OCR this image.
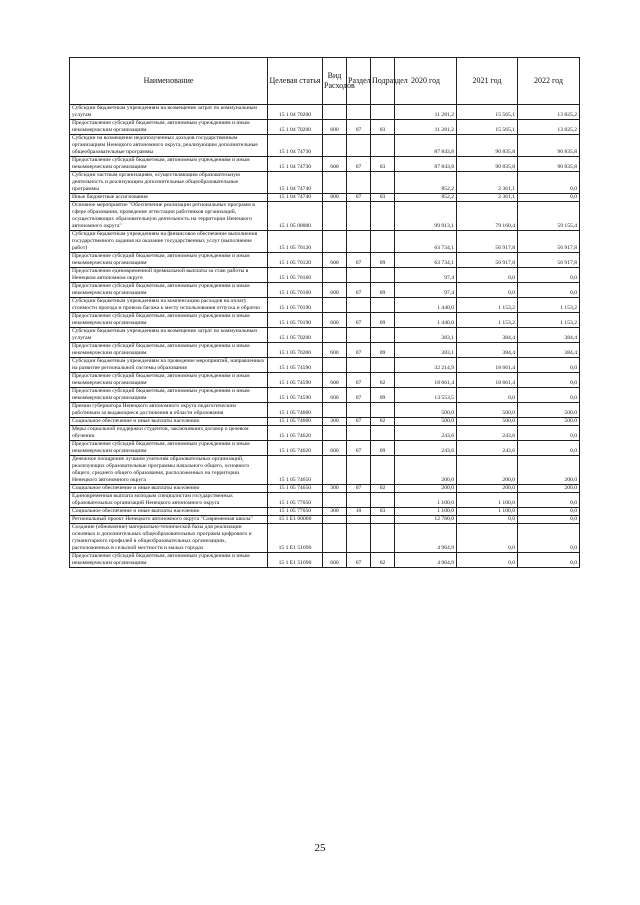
Наименование	Целевая статья	Вид Расходов	Раздел	Подраздел	2020 год	2021 год	2022 год
Субсидии бюджетным учреждениям на возмещение затрат по коммунальным услугам	15 1 04 70200				11 281,2	15 565,1	13 825,2
Предоставление субсидий бюджетным, автономным учреждениям и иным некоммерческим организациям	15 1 04 70200	600	07	03	11 281,2	15 565,1	13 825,2
Субсидии на возмещение недополученных доходов государственным организациям Ненецкого автономного округа, реализующим дополнительные общеобразовательные программы	15 1 04 74730				87 843,8	90 835,8	90 835,8
Предоставление субсидий бюджетным, автономным учреждениям и иным некоммерческим организациям	15 1 04 74730	600	07	03	87 843,8	90 835,8	90 835,8
Субсидии частным организациям, осуществляющим образовательную деятельность и реализующим дополнительные общеобразовательные программы	15 1 04 74740				852,2	2 361,1	0,0
Иные бюджетные ассигнования	15 1 04 74740	800	07	03	852,2	2 361,1	0,0
Основное мероприятие "Обеспечение реализации региональных программ в сфере образования, проведение аттестации работников организаций, осуществляющих образовательную деятельность на территории Ненецкого автономного округа"	15 1 05 00000				99 913,1	79 160,4	59 155,4
Субсидии бюджетным учреждениям на финансовое обеспечение выполнения государственного задания на оказание государственных услуг (выполнение работ)	15 1 05 70120				63 734,1	56 917,8	56 917,8
Предоставление субсидий бюджетным, автономным учреждениям и иным некоммерческим организациям	15 1 05 70120	600	07	09	63 734,1	56 917,8	56 917,8
Предоставление единовременной премиальной выплаты за стаж работы в Ненецком автономном округе	15 1 05 70160				97,4	0,0	0,0
Предоставление субсидий бюджетным, автономным учреждениям и иным некоммерческим организациям	15 1 05 70160	600	07	09	97,4	0,0	0,0
Субсидии бюджетным учреждениям на компенсацию расходов на оплату стоимости проезда и провоза багажа к месту использования отпуска и обратно	15 1 05 70190				1 440,0	1 153,2	1 153,2
Предоставление субсидий бюджетным, автономным учреждениям и иным некоммерческим организациям	15 1 05 70190	600	07	09	1 440,0	1 153,2	1 153,2
Субсидии бюджетным учреждениям на возмещение затрат по коммунальным услугам	15 1 05 70200				383,1	384,4	384,4
Предоставление субсидий бюджетным, автономным учреждениям и иным некоммерческим организациям	15 1 05 70200	600	07	09	383,1	384,4	384,4
Субсидии бюджетным учреждениям на проведение мероприятий, направленных на развитие региональной системы образования	15 1 05 74590				32 214,9	18 661,4	0,0
Предоставление субсидий бюджетным, автономным учреждениям и иным некоммерческим организациям	15 1 05 74590	600	07	02	18 661,4	18 661,4	0,0
Предоставление субсидий бюджетным, автономным учреждениям и иным некоммерческим организациям	15 1 05 74590	600	07	09	13 553,5	0,0	0,0
Премии губернатора Ненецкого автономного округа педагогическим работникам за выдающиеся достижения в области образования	15 1 05 74600				500,0	500,0	500,0
Социальное обеспечение и иные выплаты населению	15 1 05 74600	300	07	02	500,0	500,0	500,0
Меры социальной поддержки студентов, заключивших договор о целевом обучении	15 1 05 74620				243,6	243,6	0,0
Предоставление субсидий бюджетным, автономным учреждениям и иным некоммерческим организациям	15 1 05 74620	600	07	09	243,6	243,6	0,0
Денежное поощрение лучшим учителям образовательных организаций, реализующих образовательные программы начального общего, основного общего, среднего общего образования, расположенных на территории Ненецкого автономного округа	15 1 05 74650				200,0	200,0	200,0
Социальное обеспечение и иные выплаты населению	15 1 05 74650	300	07	02	200,0	200,0	200,0
Единовременная выплата молодым специалистам государственных образовательных организаций Ненецкого автономного округа	15 1 05 77050				1 100,0	1 100,0	0,0
Социальное обеспечение и иные выплаты населению	15 1 05 77050	300	10	03	1 100,0	1 100,0	0,0
Региональный проект Ненецкого автономного округа "Современная школа"	15 1 E1 00000				12 780,0	0,0	0,0
Создание (обновление) материально-технической базы для реализации основных и дополнительных общеобразовательных программ цифрового и гуманитарного профилей в общеобразовательных организациях, расположенных в сельской местности и малых городах	15 1 E1 51690				4 964,9	0,0	0,0
Предоставление субсидий бюджетным, автономным учреждениям и иным некоммерческим организациям	15 1 E1 51690	600	07	02	4 964,9	0,0	0,0
25
